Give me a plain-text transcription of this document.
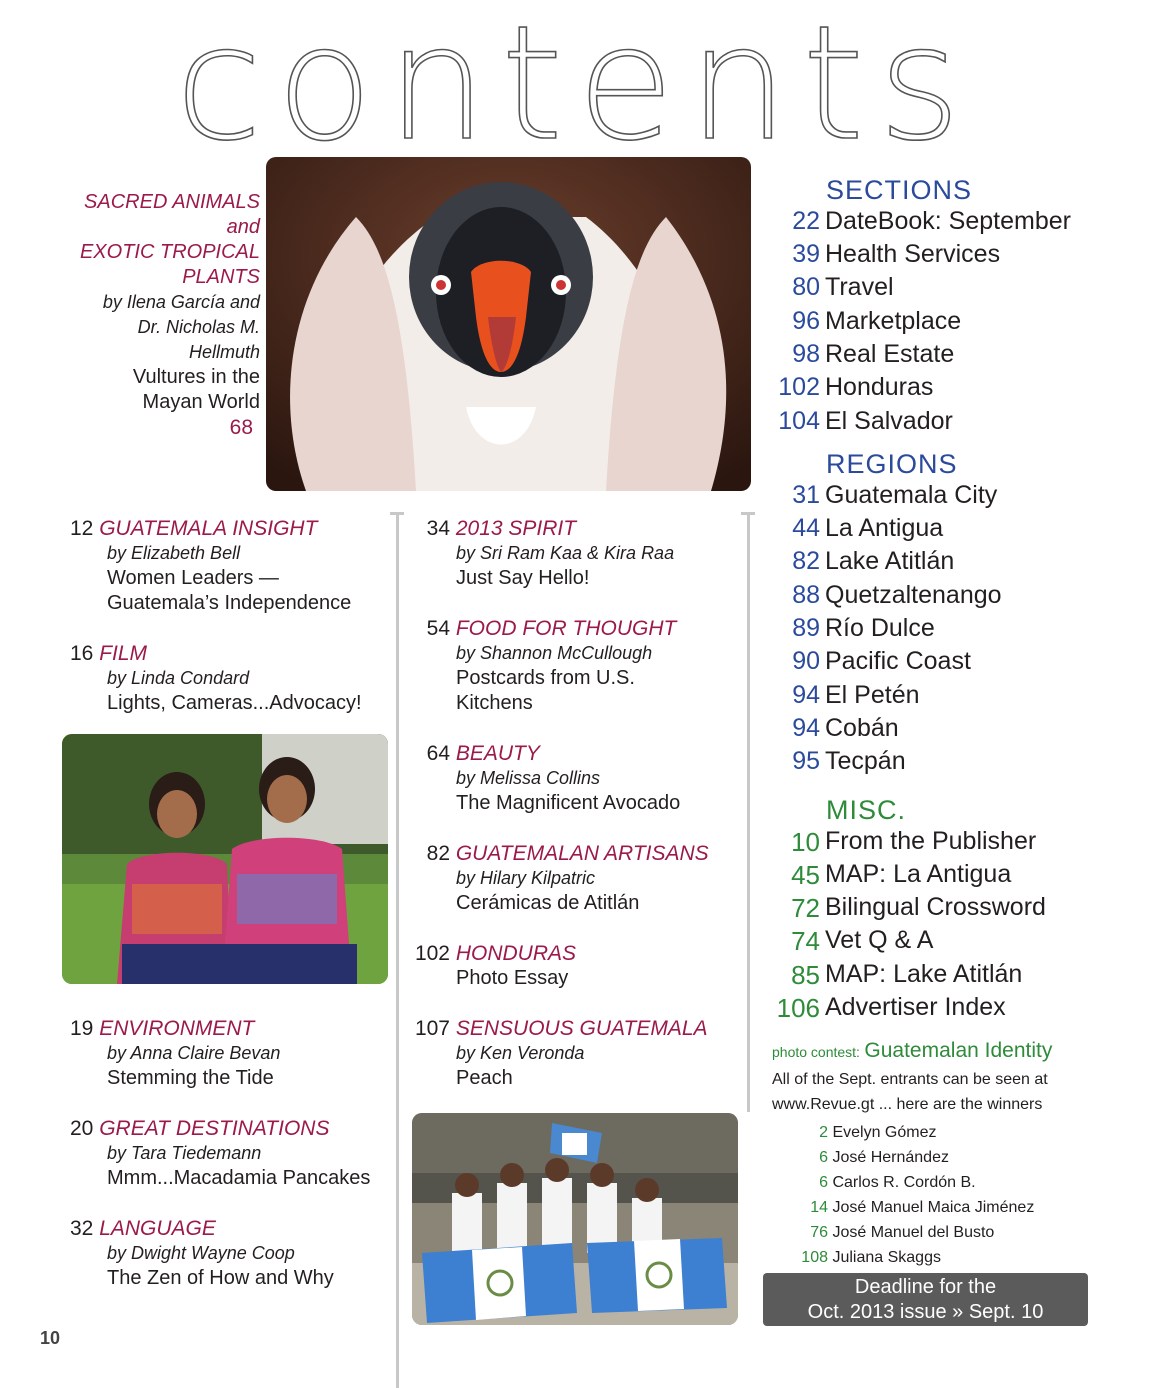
contents
SACRED ANIMALS
and
EXOTIC TROPICAL
PLANTS
by Ilena García and
Dr. Nicholas M.
Hellmuth
Vultures in the
Mayan World
68
12 GUATEMALA INSIGHT
by Elizabeth Bell
Women Leaders —
Guatemala’s Independence
16 FILM
by Linda Condard
Lights, Cameras...Advocacy!
19 ENVIRONMENT
by Anna Claire Bevan
Stemming the Tide
20 GREAT DESTINATIONS
by Tara Tiedemann
Mmm...Macadamia Pancakes
32 LANGUAGE
by Dwight Wayne Coop
The Zen of How and Why
10
34 2013 SPIRIT
by Sri Ram Kaa & Kira Raa
Just Say Hello!
54 FOOD FOR THOUGHT
by Shannon McCullough
Postcards from U.S.
Kitchens
64 BEAUTY
by Melissa Collins
The Magnificent Avocado
82 GUATEMALAN ARTISANS
by Hilary Kilpatric
Cerámicas de Atitlán
102 HONDURAS
Photo Essay
107 SENSUOUS GUATEMALA
by Ken Veronda
Peach
SECTIONS
22 DateBook: September
39 Health Services
80 Travel
96 Marketplace
98 Real Estate
102 Honduras
104 El Salvador
REGIONS
31 Guatemala City
44 La Antigua
82 Lake Atitlán
88 Quetzaltenango
89 Río Dulce
90 Pacific Coast
94 El Petén
94 Cobán
95 Tecpán
MISC.
10 From the Publisher
45 MAP: La Antigua
72 Bilingual Crossword
74 Vet Q & A
85 MAP: Lake Atitlán
106 Advertiser Index
photo contest: Guatemalan Identity
All of the Sept. entrants can be seen at
www.Revue.gt ... here are the winners
2 Evelyn Gómez
6 José Hernández
6 Carlos R. Cordón B.
14 José Manuel Maica Jiménez
76 José Manuel del Busto
108 Juliana Skaggs
Deadline for the
Oct. 2013 issue » Sept. 10
